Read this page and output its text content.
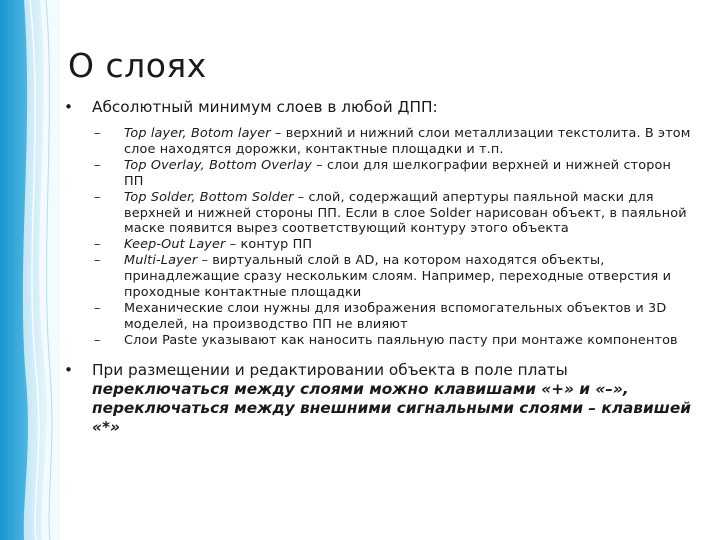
О слоях
• Абсолютный минимум слоев в любой ДПП:
– Top layer, Botom layer – верхний и нижний слои металлизации текстолита. В этом слое находятся дорожки, контактные площадки и т.п.
– Top Overlay, Bottom Overlay – слои для шелкографии верхней и нижней сторон ПП
– Top Solder, Bottom Solder – слой, содержащий апертуры паяльной маски для верхней и нижней стороны ПП. Если в слое Solder нарисован объект, в паяльной маске появится вырез соответствующий контуру этого объекта
– Keep-Out Layer – контур ПП
– Multi-Layer – виртуальный слой в AD, на котором находятся объекты, принадлежащие сразу нескольким слоям. Например, переходные отверстия и проходные контактные площадки
– Механические слои нужны для изображения вспомогательных объектов и 3D моделей, на производство ПП не влияют
– Слои Paste указывают как наносить паяльную пасту при монтаже компонентов
• При размещении и редактировании объекта в поле платы переключаться между слоями можно клавишами «+» и «–», переключаться между внешними сигнальными слоями – клавишей «*»
